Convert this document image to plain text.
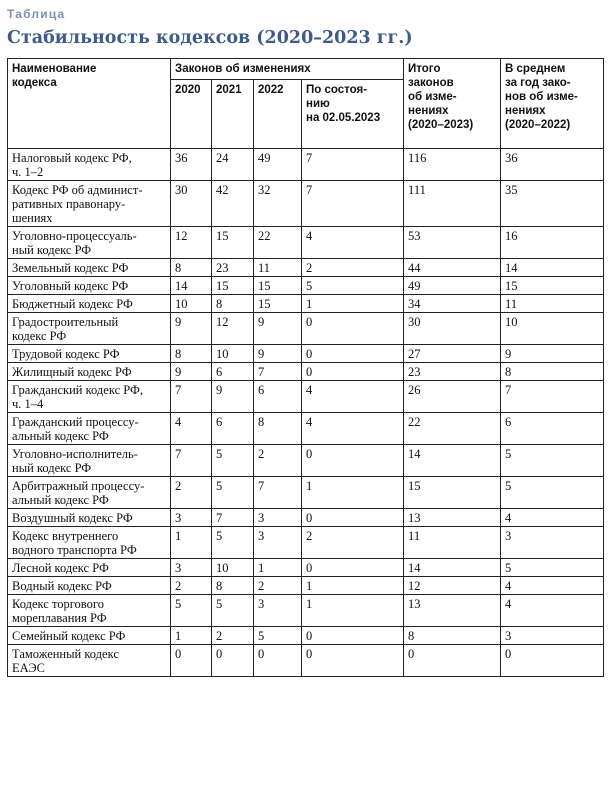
Таблица
Стабильность кодексов (2020–2023 гг.)
Наименование
кодекса	Законов об изменениях				Итого
законов
об изме-
нениях
(2020–2023)	В среднем
за год зако-
нов об изме-
нениях
(2020–2022)
	2020	2021	2022	По состоя-
нию
на 02.05.2023		
Налоговый кодекс РФ,
ч. 1–2	36	24	49	7	116	36
Кодекс РФ об админист-
ративных правонару-
шениях	30	42	32	7	111	35
Уголовно-процессуаль-
ный кодекс РФ	12	15	22	4	53	16
Земельный кодекс РФ	8	23	11	2	44	14
Уголовный кодекс РФ	14	15	15	5	49	15
Бюджетный кодекс РФ	10	8	15	1	34	11
Градостроительный
кодекс РФ	9	12	9	0	30	10
Трудовой кодекс РФ	8	10	9	0	27	9
Жилищный кодекс РФ	9	6	7	0	23	8
Гражданский кодекс РФ,
ч. 1–4	7	9	6	4	26	7
Гражданский процессу-
альный кодекс РФ	4	6	8	4	22	6
Уголовно-исполнитель-
ный кодекс РФ	7	5	2	0	14	5
Арбитражный процессу-
альный кодекс РФ	2	5	7	1	15	5
Воздушный кодекс РФ	3	7	3	0	13	4
Кодекс внутреннего
водного транспорта РФ	1	5	3	2	11	3
Лесной кодекс РФ	3	10	1	0	14	5
Водный кодекс РФ	2	8	2	1	12	4
Кодекс торгового
мореплавания РФ	5	5	3	1	13	4
Семейный кодекс РФ	1	2	5	0	8	3
Таможенный кодекс
ЕАЭС	0	0	0	0	0	0
